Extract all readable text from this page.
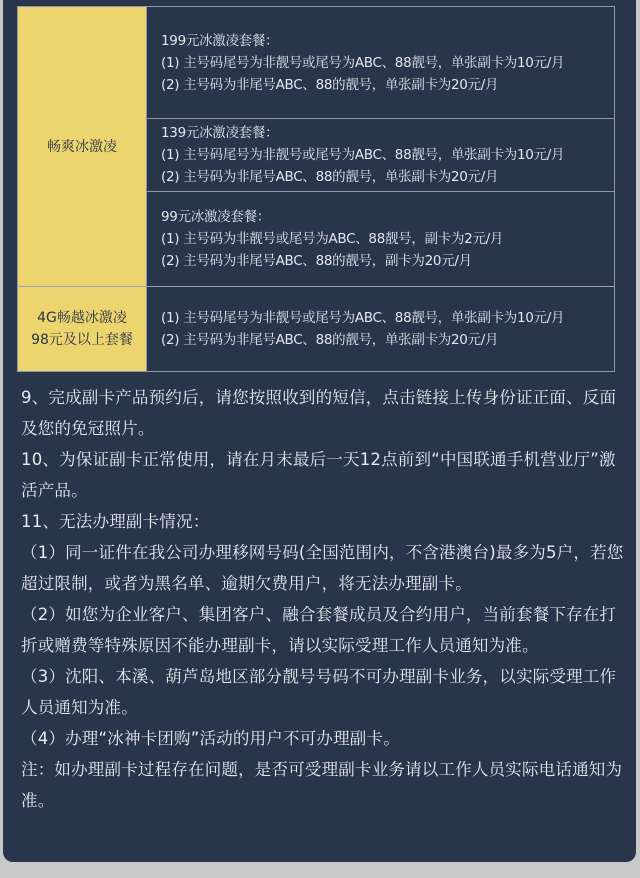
畅爽冰激凌
199元冰激凌套餐：
(1) 主号码尾号为非靓号或尾号为ABC、88靓号，单张副卡为10元/月
(2) 主号码为非尾号ABC、88的靓号，单张副卡为20元/月
139元冰激凌套餐：
(1) 主号码尾号为非靓号或尾号为ABC、88靓号，单张副卡为10元/月
(2) 主号码为非尾号ABC、88的靓号，单张副卡为20元/月
99元冰激凌套餐：
(1) 主号码为非靓号或尾号为ABC、88靓号，副卡为2元/月
(2) 主号码为非尾号ABC、88的靓号，副卡为20元/月
4G畅越冰激凌
98元及以上套餐
(1) 主号码尾号为非靓号或尾号为ABC、88靓号，单张副卡为10元/月
(2) 主号码为非尾号ABC、88的靓号，单张副卡为20元/月

9、完成副卡产品预约后，请您按照收到的短信，点击链接上传身份证正面、反面及您的免冠照片。

10、为保证副卡正常使用，请在月末最后一天12点前到“中国联通手机营业厅”激活产品。

11、无法办理副卡情况：

（1）同一证件在我公司办理移网号码(全国范围内，不含港澳台)最多为5户，若您超过限制，或者为黑名单、逾期欠费用户，将无法办理副卡。

（2）如您为企业客户、集团客户、融合套餐成员及合约用户，当前套餐下存在打折或赠费等特殊原因不能办理副卡，请以实际受理工作人员通知为准。

（3）沈阳、本溪、葫芦岛地区部分靓号号码不可办理副卡业务，以实际受理工作人员通知为准。

（4）办理“冰神卡团购”活动的用户不可办理副卡。

注：如办理副卡过程存在问题，是否可受理副卡业务请以工作人员实际电话通知为准。
